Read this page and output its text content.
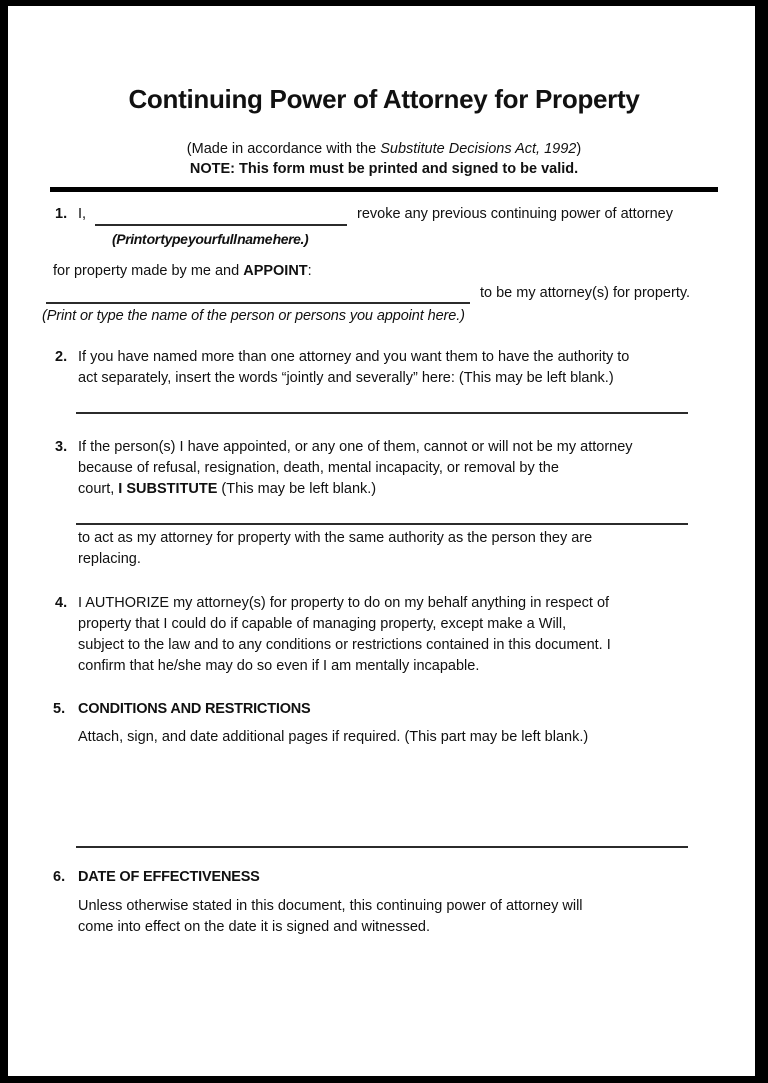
Continuing Power of Attorney for Property
(Made in accordance with the Substitute Decisions Act, 1992)
NOTE: This form must be printed and signed to be valid.
1. I,	revoke any previous continuing power of attorney
(Print or type your full name here.)
for property made by me and APPOINT:
to be my attorney(s) for property.
(Print or type the name of the person or persons you appoint here.)
2. If you have named more than one attorney and you want them to have the authority to
act separately, insert the words “jointly and severally” here: (This may be left blank.)
3. If the person(s) I have appointed, or any one of them, cannot or will not be my attorney
because of refusal, resignation, death, mental incapacity, or removal by the
court, I SUBSTITUTE (This may be left blank.)
to act as my attorney for property with the same authority as the person they are
replacing.
4. I AUTHORIZE my attorney(s) for property to do on my behalf anything in respect of
property that I could do if capable of managing property, except make a Will,
subject to the law and to any conditions or restrictions contained in this document. I
confirm that he/she may do so even if I am mentally incapable.
5. CONDITIONS AND RESTRICTIONS
Attach, sign, and date additional pages if required. (This part may be left blank.)
6. DATE OF EFFECTIVENESS
Unless otherwise stated in this document, this continuing power of attorney will
come into effect on the date it is signed and witnessed.
